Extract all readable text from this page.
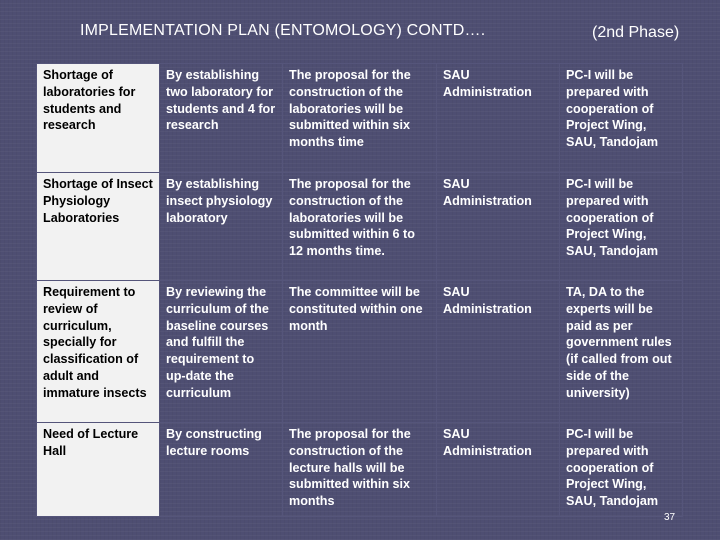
IMPLEMENTATION PLAN (ENTOMOLOGY) CONTD….	(2nd Phase)
Shortage of laboratories for students and research	By establishing two laboratory for students and 4 for research	The proposal for the construction of the laboratories will be submitted within six months time	SAU Administration	PC-I will be prepared with cooperation of Project Wing, SAU, Tandojam
Shortage of Insect Physiology Laboratories	By establishing insect physiology laboratory	The proposal for the construction of the laboratories will be submitted within 6 to 12 months time.	SAU Administration	PC-I will be prepared with cooperation of Project Wing, SAU, Tandojam
Requirement to review of curriculum, specially for classification of adult and immature insects	By reviewing the curriculum of the baseline courses and fulfill the requirement to up-date the curriculum	The committee will be constituted within one month	SAU Administration	TA, DA to the experts will be paid as per government rules (if called from out side of the university)
Need of Lecture Hall	By constructing lecture rooms	The proposal for the construction of the lecture halls will be submitted within six months	SAU Administration	PC-I will be prepared with cooperation of Project Wing, SAU, Tandojam
37
